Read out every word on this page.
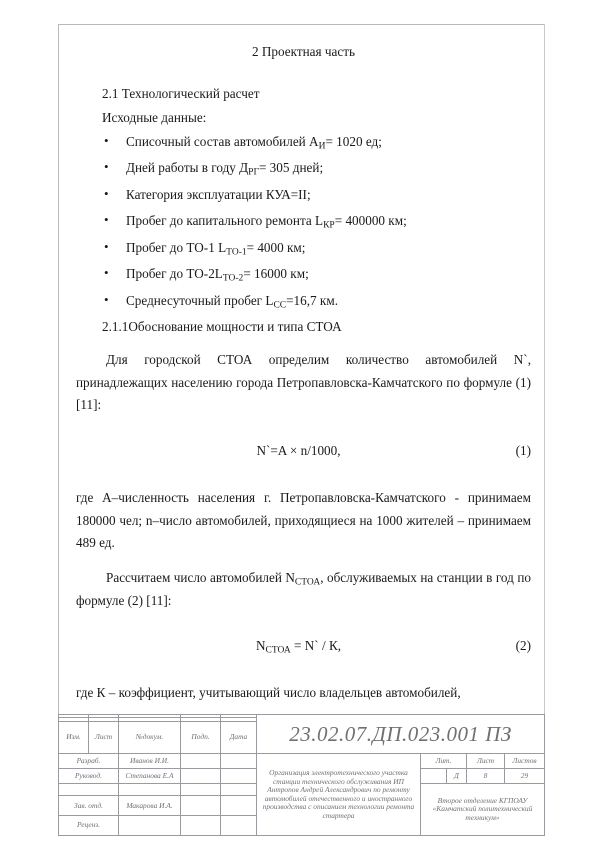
2 Проектная часть
2.1 Технологический расчет
Исходные данные:
• Списочный состав автомобилей $А_И= 1020$ ед;
• Дней работы в году $Д_{РГ}= 305$ дней;
• Категория эксплуатации КУА=II;
• Пробег до капитального ремонта $L_{КР}= 400000$ км;
• Пробег до ТО-1 $L_{ТО-1}= 4000$ км;
• Пробег до $ТО-2L_{ТО-2}= 16000$ км;
• Среднесуточный пробег $L_{СС}=16,7$ км.
2.1.1Обоснование мощности и типа СТОА

Для городской СТОА определим количество автомобилей N`, принадлежащих населению города Петропавловска-Камчатского по формуле (1) [11]:

N`=A × n/1000,	(1)

где А–численность населения г. Петропавловска-Камчатского - принимаем 180000 чел; n–число автомобилей, приходящиеся на 1000 жителей – принимаем 489 ед.

Рассчитаем число автомобилей $N_{СТОА}$, обслуживаемых на станции в год по формуле (2) [11]:

$N_{СТОА}$ = N` / К,	(2)

где К – коэффициент, учитывающий число владельцев автомобилей,

					23.02.07.ДП.023.001 ПЗ				

Изм.	Лист	№докум.	Подп.	Дата					
Разраб.		Иванов И.И.			Организация электротехнического участка станции технического обслуживания ИП Антропов Андрей Александрович по ремонту автомобилей отечественного и иностранного производства с описанием технологии ремонта стартера	Лит.		Лист	Листов
Руковод.		Степанова Е.А					Д	8	29
						Второе отделение КГПОАУ «Камчатский политехнический техникум»			
Зав. отд.		Макарова И.А.							
Реценз.									
